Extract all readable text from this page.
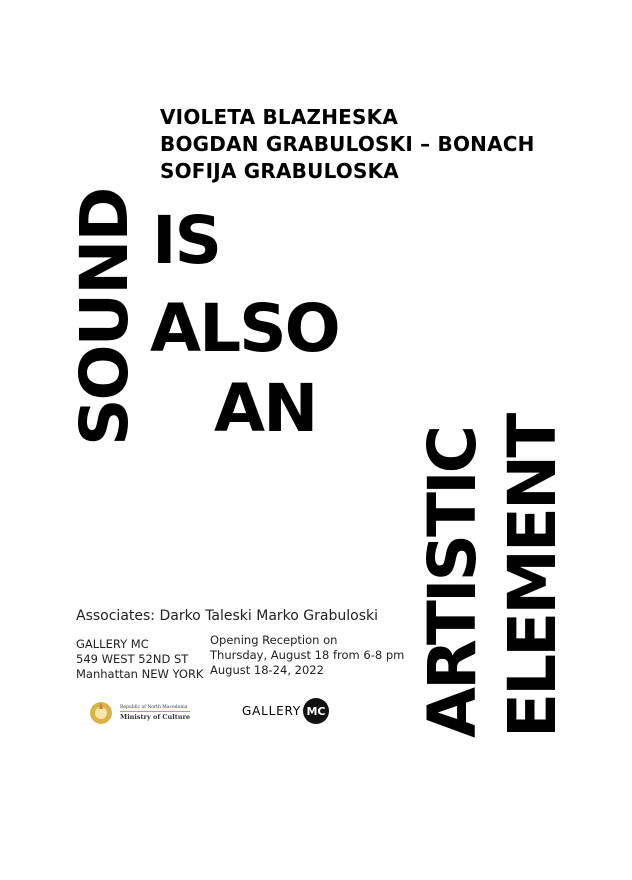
VIOLETA BLAZHESKA
BOGDAN GRABULOSKI – BONACH
SOFIJA GRABULOSKA
SOUND IS
ALSO
AN
ARTISTIC ELEMENT
Associates: Darko Taleski Marko Grabuloski
GALLERY MC
549 WEST 52ND ST
Manhattan NEW YORK
Opening Reception on
Thursday, August 18 from 6-8 pm
August 18-24, 2022
Republic of North Macedonia
Ministry of Culture	GALLERY MC
